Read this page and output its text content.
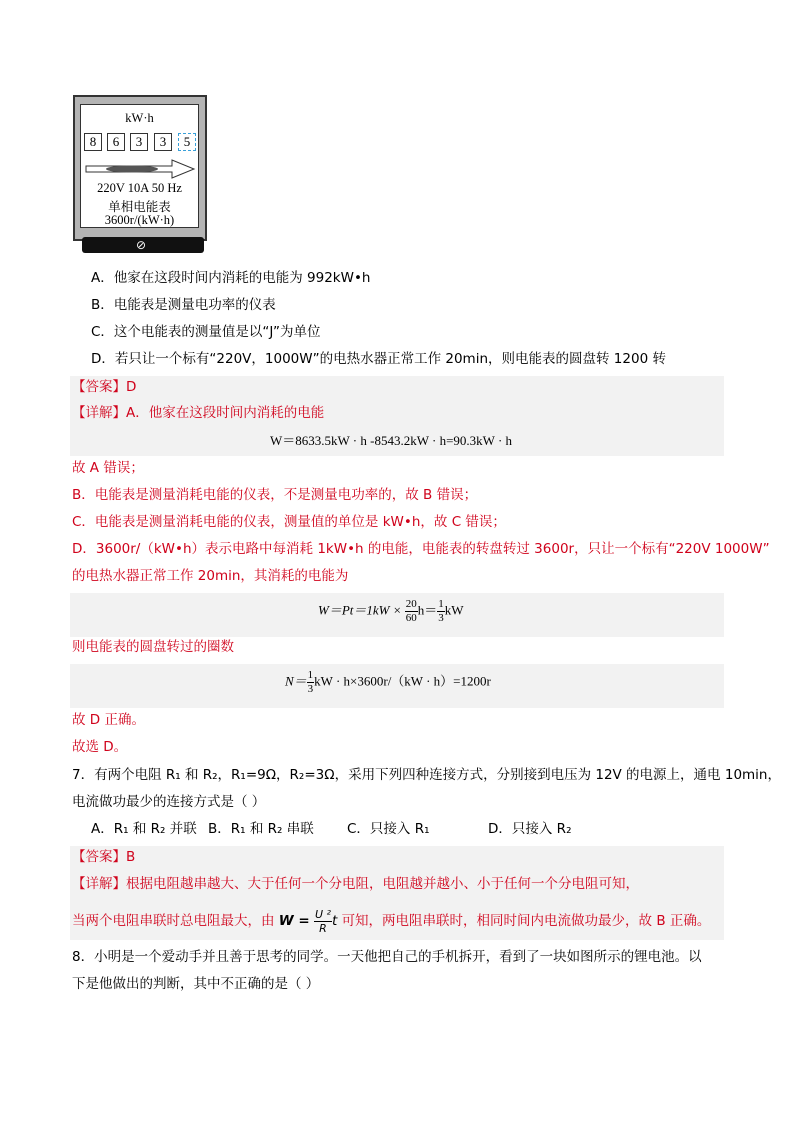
kW·h
8	6	3	3	5
220V 10A 50 Hz
单相电能表
3600r/(kW·h)
⊘
A．他家在这段时间内消耗的电能为 992kW•h
B．电能表是测量电功率的仪表
C．这个电能表的测量值是以“J”为单位
D．若只让一个标有“220V，1000W”的电热水器正常工作 20min，则电能表的圆盘转 1200 转
【答案】D
【详解】A．他家在这段时间内消耗的电能
W＝8633.5kW · h -8543.2kW · h=90.3kW · h
故 A 错误；
B．电能表是测量消耗电能的仪表，不是测量电功率的，故 B 错误；
C．电能表是测量消耗电能的仪表，测量值的单位是 kW•h，故 C 错误；
D．3600r/（kW•h）表示电路中每消耗 1kW•h 的电能，电能表的转盘转过 3600r，只让一个标有“220V 1000W”
的电热水器正常工作 20min，其消耗的电能为
$W=Pt=1kW \times \frac{20}{60} h= \frac{1}{3}$ kW
则电能表的圆盘转过的圈数
$N= \frac{1}{3}$ kW · h×3600r/（kW · h）=1200r
故 D 正确。
故选 D。
7．有两个电阻 R₁ 和 R₂，R₁=9Ω，R₂=3Ω，采用下列四种连接方式，分别接到电压为 12V 的电源上，通电 10min，
电流做功最少的连接方式是（ ）
A．R₁ 和 R₂ 并联 B．R₁ 和 R₂ 串联 C．只接入 R₁	D．只接入 R₂
【答案】B
【详解】根据电阻越串越大、大于任何一个分电阻，电阻越并越小、小于任何一个分电阻可知，
当两个电阻串联时总电阻最大，由 $W = \frac{\text{U ²}}{R}$ t 可知，两电阻串联时，相同时间内电流做功最少，故 B 正确。
8．小明是一个爱动手并且善于思考的同学。一天他把自己的手机拆开，看到了一块如图所示的锂电池。以
下是他做出的判断，其中不正确的是（ ）
